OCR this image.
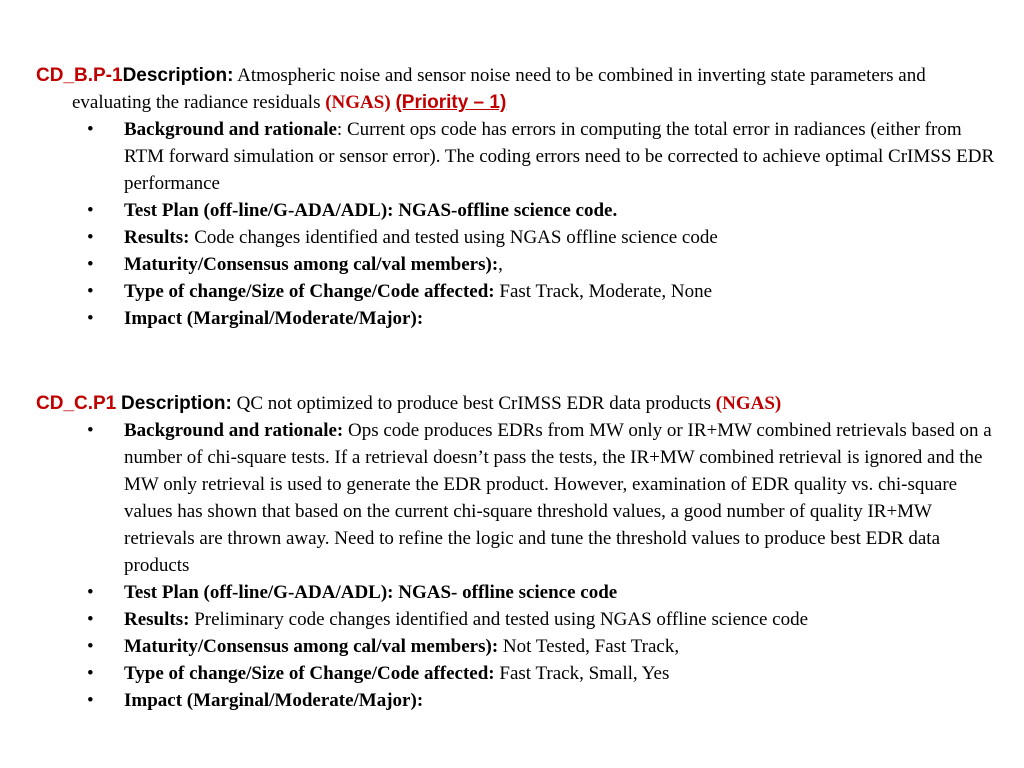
CD_B.P-1Description: Atmospheric noise and sensor noise need to be combined in inverting state parameters and evaluating the radiance residuals (NGAS) (Priority – 1)

• Background and rationale: Current ops code has errors in computing the total error in radiances (either from RTM forward simulation or sensor error). The coding errors need to be corrected to achieve optimal CrIMSS EDR performance
• Test Plan (off-line/G-ADA/ADL): NGAS-offline science code.
• Results: Code changes identified and tested using NGAS offline science code
• Maturity/Consensus among cal/val members):,
• Type of change/Size of Change/Code affected: Fast Track, Moderate, None
• Impact (Marginal/Moderate/Major):

CD_C.P1 Description: QC not optimized to produce best CrIMSS EDR data products (NGAS)

• Background and rationale: Ops code produces EDRs from MW only or IR+MW combined retrievals based on a number of chi-square tests. If a retrieval doesn’t pass the tests, the IR+MW combined retrieval is ignored and the MW only retrieval is used to generate the EDR product. However, examination of EDR quality vs. chi-square values has shown that based on the current chi-square threshold values, a good number of quality IR+MW retrievals are thrown away. Need to refine the logic and tune the threshold values to produce best EDR data products
• Test Plan (off-line/G-ADA/ADL): NGAS- offline science code
• Results: Preliminary code changes identified and tested using NGAS offline science code
• Maturity/Consensus among cal/val members): Not Tested, Fast Track,
• Type of change/Size of Change/Code affected: Fast Track, Small, Yes
• Impact (Marginal/Moderate/Major):
